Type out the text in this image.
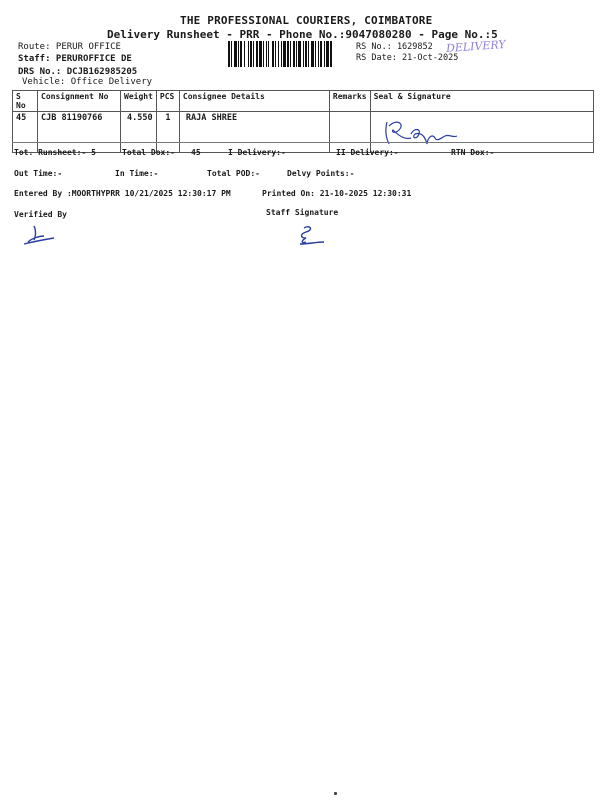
THE PROFESSIONAL COURIERS, COIMBATORE
Delivery Runsheet - PRR - Phone No.:9047080280 - Page No.:5
Route: PERUR OFFICE
Staff: PERUROFFICE DE
DRS No.: DCJB162985205
Vehicle: Office Delivery
RS No.: 1629852
RS Date: 21-Oct-2025
DELIVERY
S No	Consignment No	Weight	PCS	Consignee Details	Remarks	Seal & Signature
45	CJB 81190766	4.550	1	RAJA SHREE		
Tot. Runsheet:- 5	Total Dox:- 45	I Delivery:-	II Delivery:-	RTN Dox:-
Out Time:-	In Time:-	Total POD:-	Delvy Points:-
Entered By :MOORTHYPRR 10/21/2025 12:30:17 PM	Printed On: 21-10-2025 12:30:31
Verified By	Staff Signature
